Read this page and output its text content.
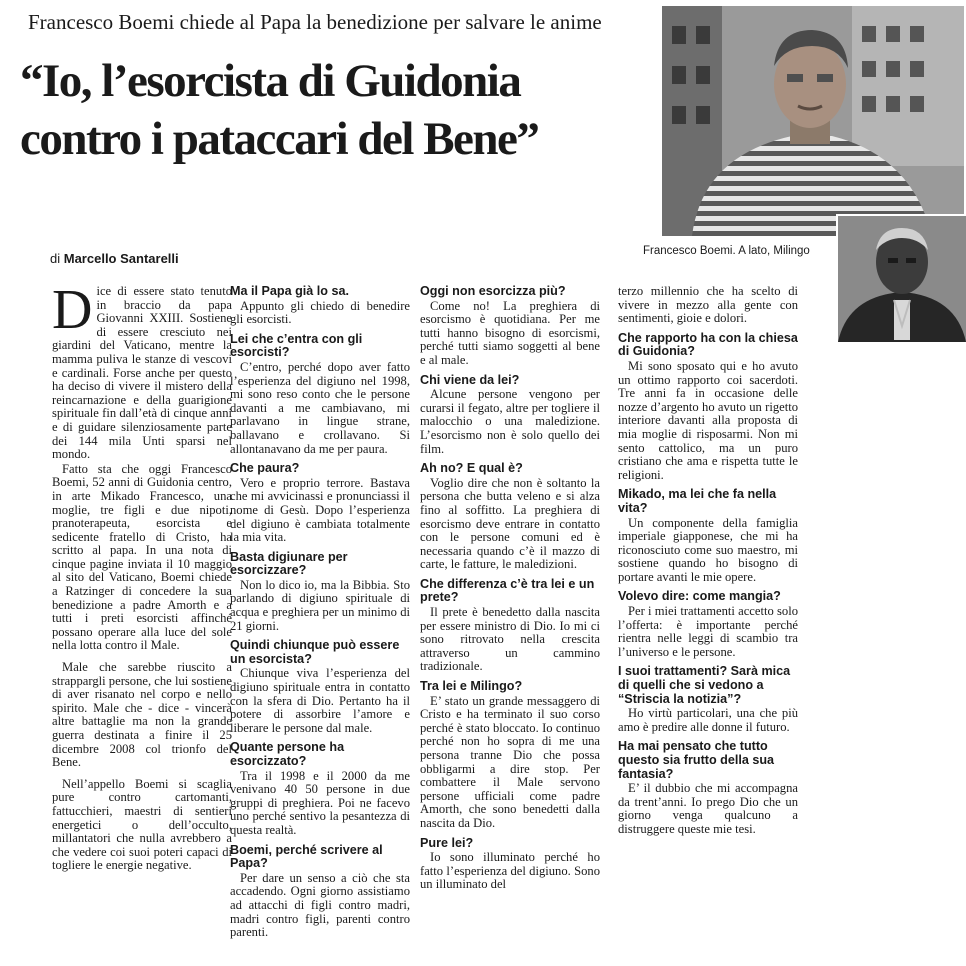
Francesco Boemi chiede al Papa la benedizione per salvare le anime
“Io, l’esorcista di Guidonia
contro i pataccari del Bene”
Francesco Boemi. A lato, Milingo
di Marcello Santarelli

Dice di essere stato tenuto in braccio da papa Giovanni XXIII. Sostiene di essere cresciuto nei giardini del Vaticano, mentre la mamma puliva le stanze di vescovi e cardinali. Forse anche per questo ha deciso di vivere il mistero della reincarnazione e della guarigione spirituale fin dall’età di cinque anni e di guidare silenziosamente parte dei 144 mila Unti sparsi nel mondo.

Fatto sta che oggi Francesco Boemi, 52 anni di Guidonia centro, in arte Mikado Francesco, una moglie, tre figli e due nipoti, pranoterapeuta, esorcista e sedicente fratello di Cristo, ha scritto al papa. In una nota di cinque pagine inviata il 10 maggio al sito del Vaticano, Boemi chiede a Ratzinger di concedere la sua benedizione a padre Amorth e a tutti i preti esorcisti affinché possano operare alla luce del sole nella lotta contro il Male.

Male che sarebbe riuscito a strappargli persone, che lui sostiene di aver risanato nel corpo e nello spirito. Male che - dice - vincerà altre battaglie ma non la grande guerra destinata a finire il 25 dicembre 2008 col trionfo del Bene.

Nell’appello Boemi si scaglia pure contro cartomanti, fattucchieri, maestri di sentieri energetici o dell’occulto, millantatori che nulla avrebbero a che vedere coi suoi poteri capaci di togliere le energie negative.

Ma il Papa già lo sa.

Appunto gli chiedo di benedire gli esorcisti.

Lei che c’entra con gli esorcisti?

C’entro, perché dopo aver fatto l’esperienza del digiuno nel 1998, mi sono reso conto che le persone davanti a me cambiavano, mi parlavano in lingue strane, ballavano e crollavano. Si allontanavano da me per paura.

Che paura?

Vero e proprio terrore. Bastava che mi avvicinassi e pronunciassi il nome di Gesù. Dopo l’esperienza del digiuno è cambiata totalmente la mia vita.

Basta digiunare per esorcizzare?

Non lo dico io, ma la Bibbia. Sto parlando di digiuno spirituale di acqua e preghiera per un minimo di 21 giorni.

Quindi chiunque può essere un esorcista?

Chiunque viva l’esperienza del digiuno spirituale entra in contatto con la sfera di Dio. Pertanto ha il potere di assorbire l’amore e liberare le persone dal male.

Quante persone ha esorcizzato?

Tra il 1998 e il 2000 da me venivano 40 50 persone in due gruppi di preghiera. Poi ne facevo uno perché sentivo la pesantezza di questa realtà.

Boemi, perché scrivere al Papa?

Per dare un senso a ciò che sta accadendo. Ogni giorno assistiamo ad attacchi di figli contro madri, madri contro figli, parenti contro parenti.

Oggi non esorcizza più?

Come no! La preghiera di esorcismo è quotidiana. Per me tutti hanno bisogno di esorcismi, perché tutti siamo soggetti al bene e al male.

Chi viene da lei?

Alcune persone vengono per curarsi il fegato, altre per togliere il malocchio o una maledizione. L’esorcismo non è solo quello dei film.

Ah no? E qual è?

Voglio dire che non è soltanto la persona che butta veleno e si alza fino al soffitto. La preghiera di esorcismo deve entrare in contatto con le persone comuni ed è necessaria quando c’è il mazzo di carte, le fatture, le maledizioni.

Che differenza c’è tra lei e un prete?

Il prete è benedetto dalla nascita per essere ministro di Dio. Io mi ci sono ritrovato nella crescita attraverso un cammino tradizionale.

Tra lei e Milingo?

E’ stato un grande messaggero di Cristo e ha terminato il suo corso perché è stato bloccato. Io continuo perché non ho sopra di me una persona tranne Dio che possa obbligarmi a dire stop. Per combattere il Male servono persone ufficiali come padre Amorth, che sono benedetti dalla nascita da Dio.

Pure lei?

Io sono illuminato perché ho fatto l’esperienza del digiuno. Sono un illuminato del

terzo millennio che ha scelto di vivere in mezzo alla gente con sentimenti, gioie e dolori.

Che rapporto ha con la chiesa di Guidonia?

Mi sono sposato qui e ho avuto un ottimo rapporto coi sacerdoti. Tre anni fa in occasione delle nozze d’argento ho avuto un rigetto interiore davanti alla proposta di mia moglie di risposarmi. Non mi sento cattolico, ma un puro cristiano che ama e rispetta tutte le religioni.

Mikado, ma lei che fa nella vita?

Un componente della famiglia imperiale giapponese, che mi ha riconosciuto come suo maestro, mi sostiene quando ho bisogno di portare avanti le mie opere.

Volevo dire: come mangia?

Per i miei trattamenti accetto solo l’offerta: è importante perché rientra nelle leggi di scambio tra l’universo e le persone.

I suoi trattamenti? Sarà mica di quelli che si vedono a “Striscia la notizia”?

Ho virtù particolari, una che più amo è predire alle donne il futuro.

Ha mai pensato che tutto questo sia frutto della sua fantasia?

E’ il dubbio che mi accompagna da trent’anni. Io prego Dio che un giorno venga qualcuno a distruggere queste mie tesi.
